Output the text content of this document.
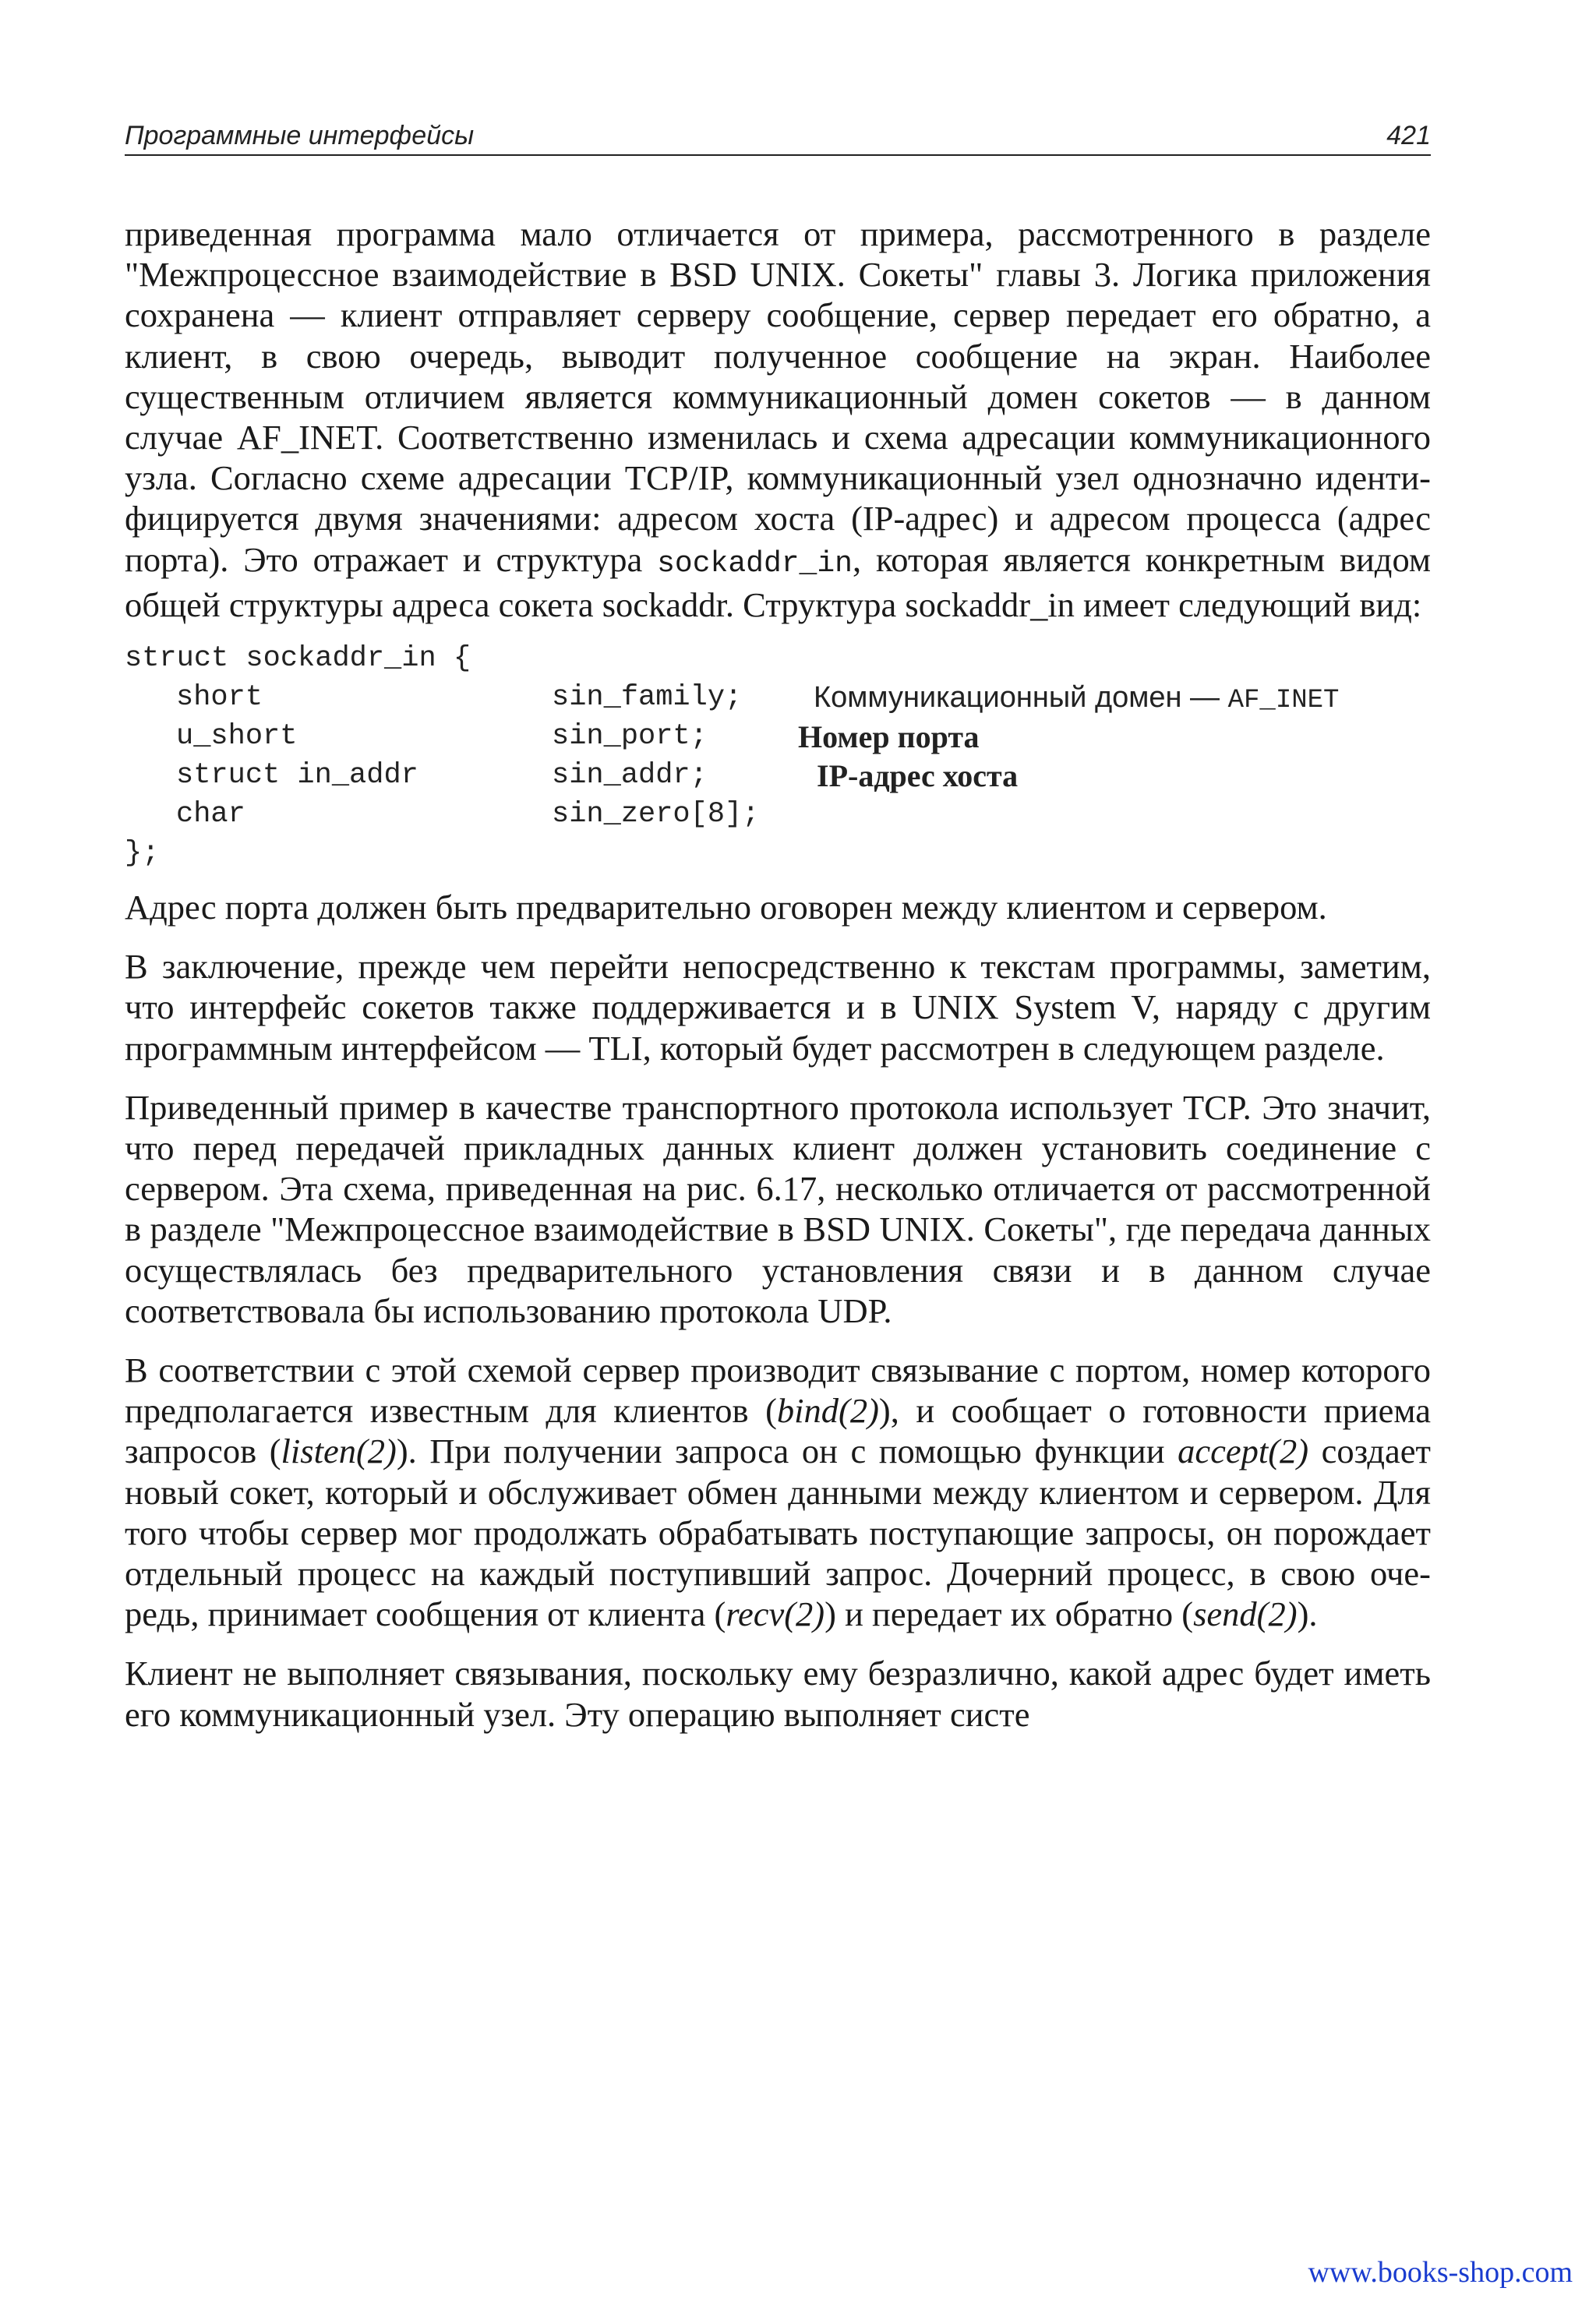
Программные интерфейсы	421

приведенная программа мало отличается от примера, рассмотренного в разделе "Межпроцессное взаимодействие в BSD UNIX. Сокеты" главы 3. Логика приложения сохранена — клиент отправляет серверу сообщение, сервер передает его обратно, а клиент, в свою очередь, выводит полученное сообщение на экран. Наиболее существенным отличием является коммуникационный домен сокетов — в данном случае AF_INET. Соответственно изменилась и схема адресации коммуникационного узла. Согласно схеме адресации TCP/IP, коммуникационный узел однозначно идентифицируется двумя значениями: адресом хоста (IP-адрес) и адресом процесса (адрес порта). Это отражает и структура sockaddr_in, которая является конкретным видом общей структуры адреса сокета sockaddr. Структура sockaddr_in имеет следующий вид:

struct sockaddr_in {
short	sin_family; Коммуникационный домен — AF_INET
u_short	sin_port;	Номер порта
struct in_addr	sin_addr;	IP-адрес хоста
char	sin_zero[8];
};

Адрес порта должен быть предварительно оговорен между клиентом и сервером.

В заключение, прежде чем перейти непосредственно к текстам программы, заметим, что интерфейс сокетов также поддерживается и в UNIX System V, наряду с другим программным интерфейсом — TLI, который будет рассмотрен в следующем разделе.

Приведенный пример в качестве транспортного протокола использует TCP. Это значит, что перед передачей прикладных данных клиент должен установить соединение с сервером. Эта схема, приведенная на рис. 6.17, несколько отличается от рассмотренной в разделе "Межпроцессное взаимодействие в BSD UNIX. Сокеты", где передача данных осуществлялась без предварительного установления связи и в данном случае соответствовала бы использованию протокола UDP.

В соответствии с этой схемой сервер производит связывание с портом, номер которого предполагается известным для клиентов (bind(2)), и сообщает о готовности приема запросов (listen(2)). При получении запроса он с помощью функции accept(2) создает новый сокет, который и обслуживает обмен данными между клиентом и сервером. Для того чтобы сервер мог продолжать обрабатывать поступающие запросы, он порождает отдельный процесс на каждый поступивший запрос. Дочерний процесс, в свою очередь, принимает сообщения от клиента (recv(2)) и передает их обратно (send(2)).

Клиент не выполняет связывания, поскольку ему безразлично, какой адрес будет иметь его коммуникационный узел. Эту операцию выполняет систе

www.books-shop.com
